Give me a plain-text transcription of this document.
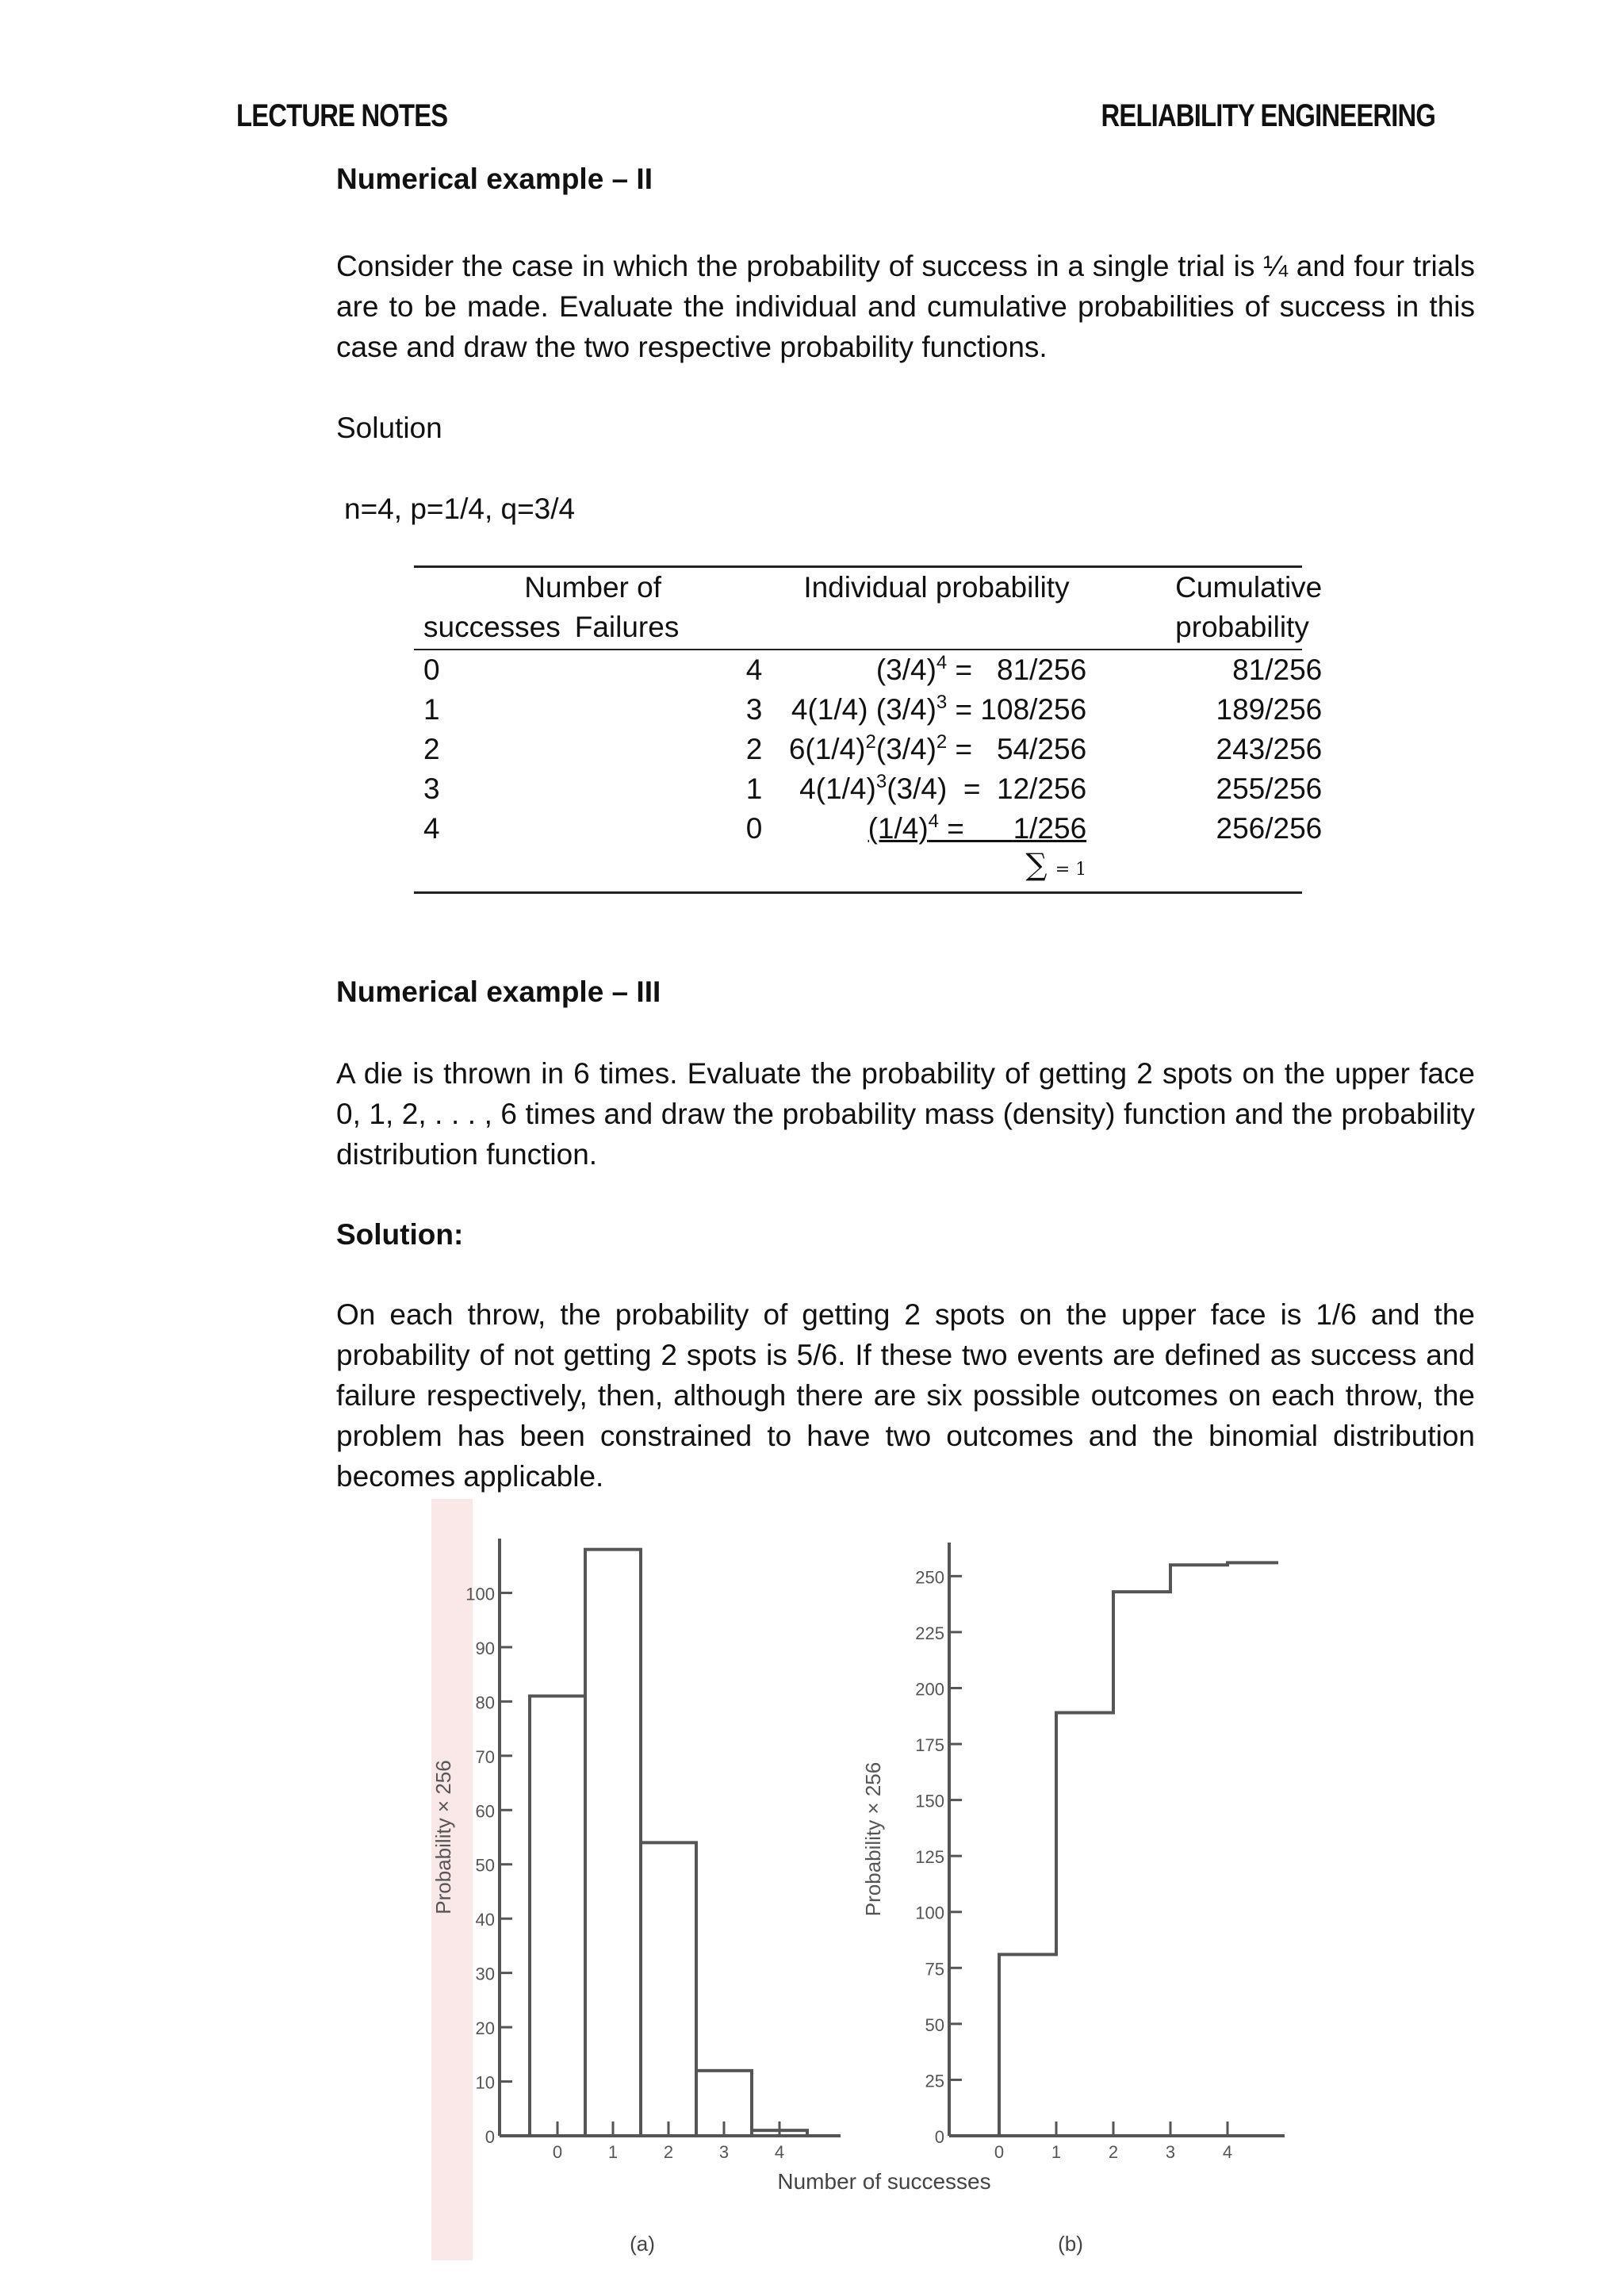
LECTURE NOTES	RELIABILITY ENGINEERING

Numerical example – II

Consider the case in which the probability of success in a single trial is ¼ and four trials are to be made. Evaluate the individual and cumulative probabilities of success in this case and draw the two respective probability functions.

Solution

n=4, p=1/4, q=3/4

Number of		Individual probability	Cumulative
successes	Failures		probability

0	4	$(3/4)^4 = 81/256$	81/256
1	3	4(1/4) $(3/4)^3 = 108/256$	189/256
2	2	$6(1/4)^2(3/4)^2 = 54/256$	243/256
3	1	$4(1/4)^3(3/4) = 12/256$	255/256
4	0	$(1/4)^4$ =      1/256	256/256
		∑ = 1	

Numerical example – III

A die is thrown in 6 times. Evaluate the probability of getting 2 spots on the upper face 0, 1, 2, . . . , 6 times and draw the probability mass (density) function and the probability distribution function.

Solution:

On each throw, the probability of getting 2 spots on the upper face is 1/6 and the probability of not getting 2 spots is 5/6. If these two events are defined as success and failure respectively, then, although there are six possible outcomes on each throw, the problem has been constrained to have two outcomes and the binomial distribution becomes applicable.

0
10
20
30
40
50
60
70
80
90
100
Probability × 256
0	1	2	3	4
0
25
50
75
100
125
150
175
200
225
250
Probability × 256
0	1	2	3	4
Number of successes
(a)	(b)
